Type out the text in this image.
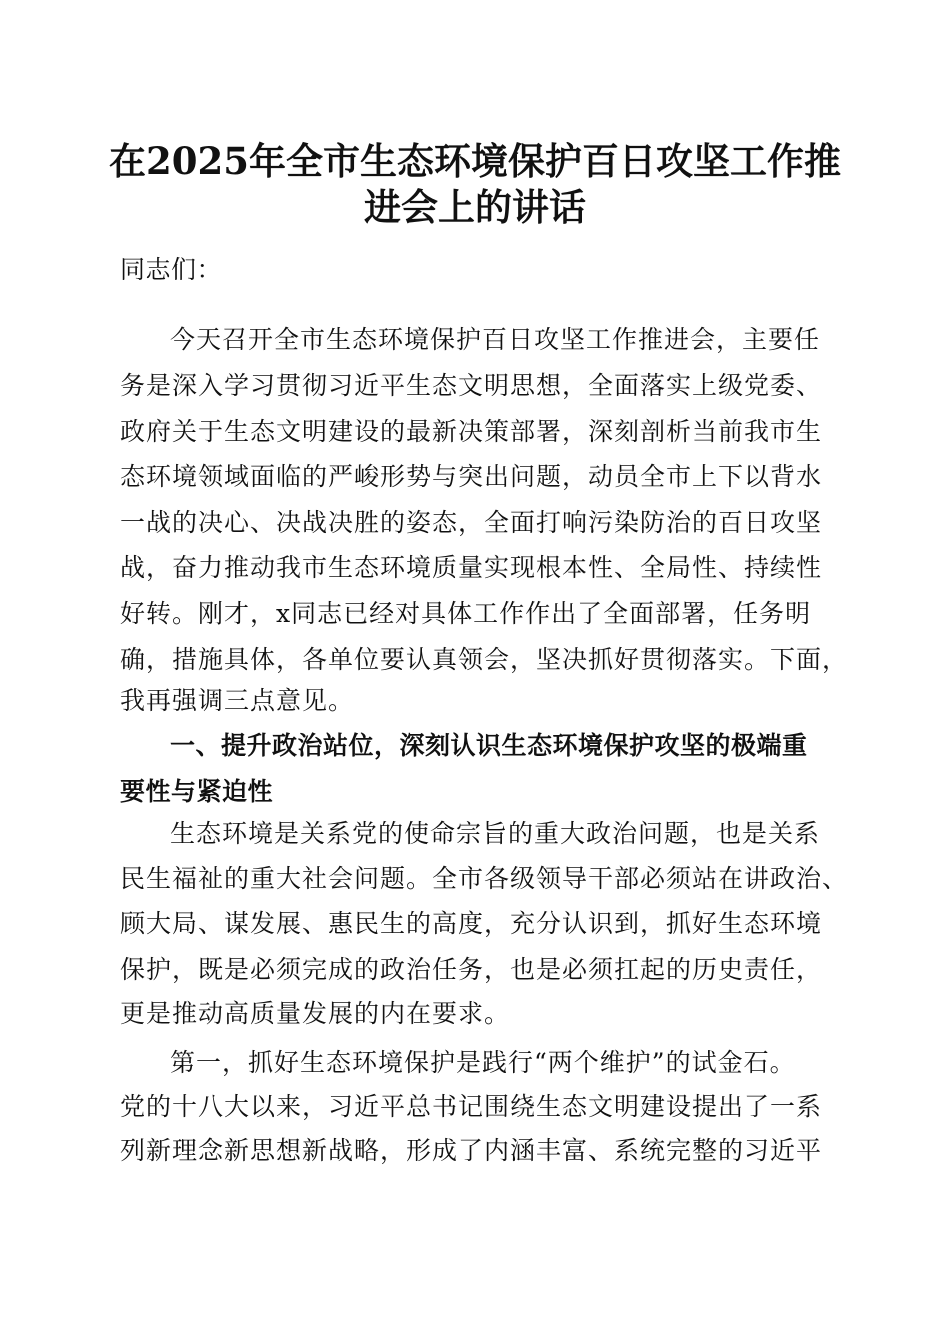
在2025年全市生态环境保护百日攻坚工作推
进会上的讲话
同志们：
今天召开全市生态环境保护百日攻坚工作推进会，主要任
务是深入学习贯彻习近平生态文明思想，全面落实上级党委、
政府关于生态文明建设的最新决策部署，深刻剖析当前我市生
态环境领域面临的严峻形势与突出问题，动员全市上下以背水
一战的决心、决战决胜的姿态，全面打响污染防治的百日攻坚
战，奋力推动我市生态环境质量实现根本性、全局性、持续性
好转。刚才，x同志已经对具体工作作出了全面部署，任务明
确，措施具体，各单位要认真领会，坚决抓好贯彻落实。下面，
我再强调三点意见。
一、提升政治站位，深刻认识生态环境保护攻坚的极端重
要性与紧迫性
生态环境是关系党的使命宗旨的重大政治问题，也是关系
民生福祉的重大社会问题。全市各级领导干部必须站在讲政治、
顾大局、谋发展、惠民生的高度，充分认识到，抓好生态环境
保护，既是必须完成的政治任务，也是必须扛起的历史责任，
更是推动高质量发展的内在要求。
第一，抓好生态环境保护是践行“两个维护”的试金石。
党的十八大以来，习近平总书记围绕生态文明建设提出了一系
列新理念新思想新战略，形成了内涵丰富、系统完整的习近平
